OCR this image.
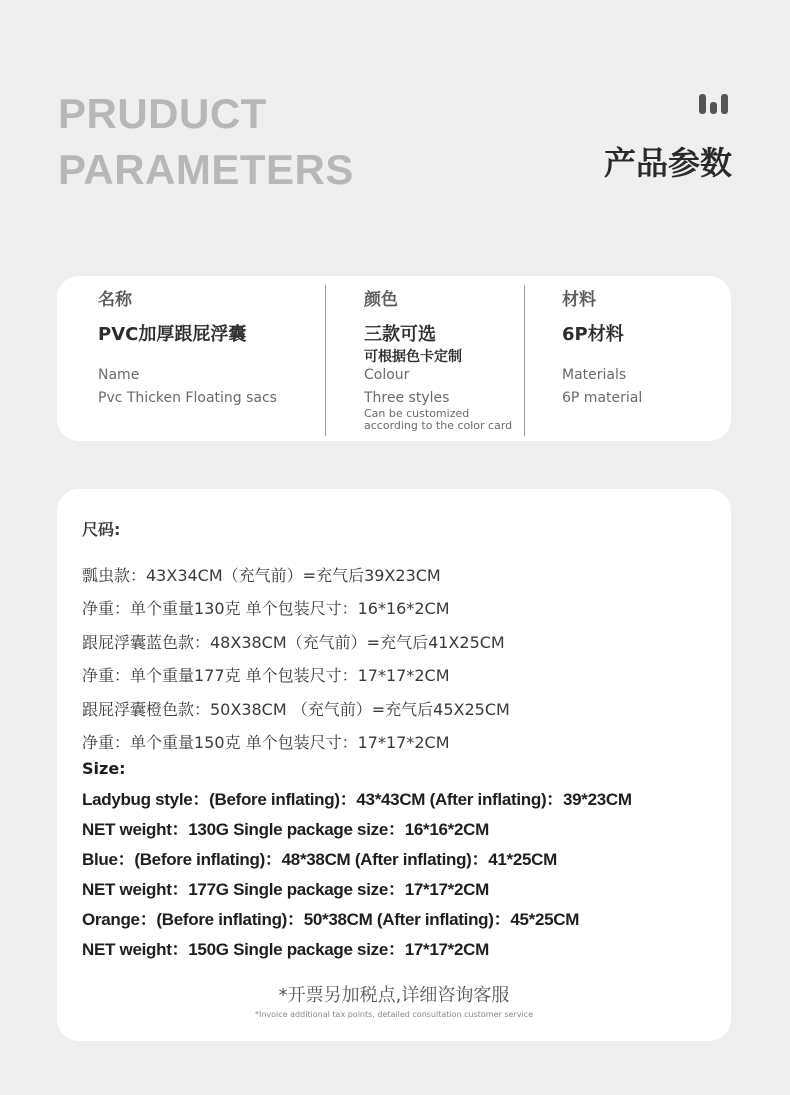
PRUDUCT
PARAMETERS	产品参数
名称
PVC加厚跟屁浮囊
Name
Pvc Thicken Floating sacs
颜色
三款可选
可根据色卡定制
Colour
Three styles
Can be customized
according to the color card
材料
6P材料
Materials
6P material
尺码:
瓢虫款：43X34CM（充气前）=充气后39X23CM
净重：单个重量130克 单个包装尺寸：16*16*2CM
跟屁浮囊蓝色款：48X38CM（充气前）=充气后41X25CM
净重：单个重量177克 单个包装尺寸：17*17*2CM
跟屁浮囊橙色款：50X38CM （充气前）=充气后45X25CM
净重：单个重量150克 单个包装尺寸：17*17*2CM
Size:
Ladybug style：(Before inflating)：43*43CM (After inflating)：39*23CM
NET weight：130G Single package size：16*16*2CM
Blue：(Before inflating)：48*38CM (After inflating)：41*25CM
NET weight：177G Single package size：17*17*2CM
Orange：(Before inflating)：50*38CM (After inflating)：45*25CM
NET weight：150G Single package size：17*17*2CM
*开票另加税点,详细咨询客服
*Invoice additional tax points, detailed consultation customer service
